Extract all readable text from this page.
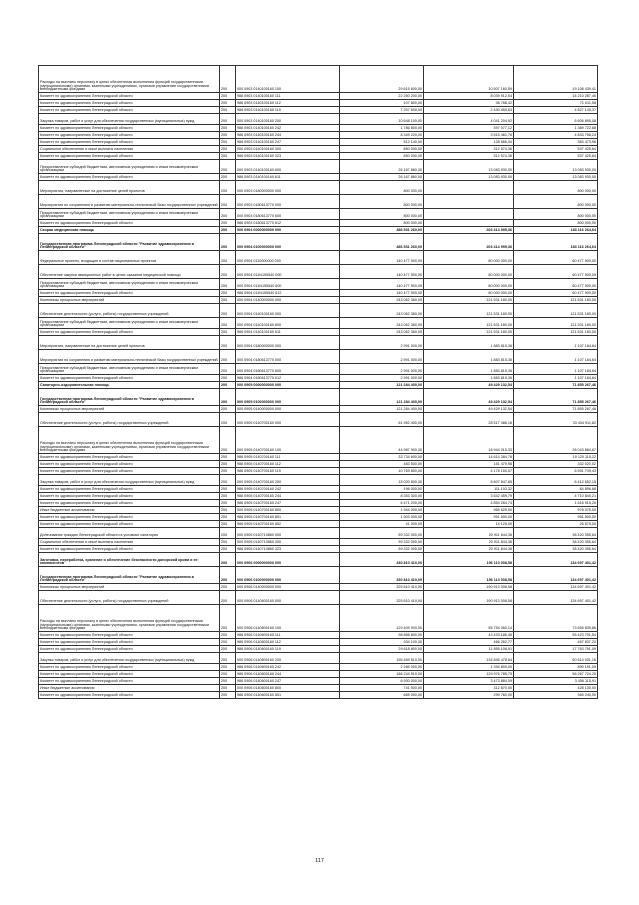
Расходы на выплаты персоналу в целях обеспечения выполнения функций государственными (муниципальными) органами, казенными учреждениями, органами управления государственными внебюджетными фондами	200	000 0903 0140100160 100	29 615 600,00	10 507 160,59	19 108 439,41
Комитет по здравоохранению Ленинградской области	200	986 0903 0140100160 111	22 250 200,00	8 039 912,54	14 210 287,46
Комитет по здравоохранению Ленинградской области	200	986 0903 0140100160 112	107 800,00	36 788,42	71 011,58
Комитет по здравоохранению Ленинградской области	200	986 0903 0140100160 119	7 257 600,00	2 430 459,63	4 827 140,37
Закупка товаров, работ и услуг для обеспечения государственных (муниципальных) нужд	200	000 0903 0140100160 200	10 648 100,00	4 041 204,92	6 606 895,08
Комитет по здравоохранению Ленинградской области	200	986 0903 0140100160 242	1 786 800,00	397 077,12	1 389 722,88
Комитет по здравоохранению Ленинградской области	200	986 0903 0140100160 244	8 349 220,00	3 515 461,76	4 833 758,24
Комитет по здравоохранению Ленинградской области	200	986 0903 0140100160 247	512 140,00	128 666,04	383 473,96
Социальное обеспечение и иные выплаты населению	200	000 0903 0140100160 300	850 000,00	312 574,36	537 425,64
Комитет по здравоохранению Ленинградской области	200	986 0903 0140100160 323	850 000,00	312 574,36	537 425,64
Предоставление субсидий бюджетным, автономным учреждениям и иным некоммерческим организациям	200	000 0903 0140100160 600	26 167 860,00	13 083 930,00	13 083 930,00
Комитет по здравоохранению Ленинградской области	200	986 0903 0140100160 611	26 167 860,00	13 083 930,00	13 083 930,00
Мероприятия, направленные на достижение целей проектов	200	000 0903 0180000000 000	800 000,00		800 000,00
Мероприятия по сохранению и развитию материально-технической базы государственных учреждений	200	000 0903 0180613770 000	800 000,00		800 000,00
Предоставление субсидий бюджетным, автономным учреждениям и иным некоммерческим организациям	200	000 0903 0180613770 600	800 000,00		800 000,00
Комитет по здравоохранению Ленинградской области	200	986 0903 0180613770 612	800 000,00		800 000,00
Скорая медицинская помощь	200	000 0904 0000000000 000	386 531 260,00	203 414 995,36	183 116 264,64
Государственная программа Ленинградской области "Развитие здравоохранения в Ленинградской области"	200	000 0904 0100000000 000	386 531 260,00	203 414 995,36	183 116 264,64
Федеральные проекты, входящие в состав национальных проектов	200	000 0904 0110000000 000	140 477 900,00	80 000 000,00	60 477 900,00
Обеспечение закупки авиационных работ в целях оказания медицинской помощи	200	000 0904 011N155540 000	140 477 900,00	80 000 000,00	60 477 900,00
Предоставление субсидий бюджетным, автономным учреждениям и иным некоммерческим организациям	200	000 0904 011N155540 600	140 477 900,00	80 000 000,00	60 477 900,00
Комитет по здравоохранению Ленинградской области	200	986 0904 011N155540 612	140 477 900,00	80 000 000,00	60 477 900,00
Комплексы процессных мероприятий	200	000 0904 0140000000 000	243 062 360,00	121 531 180,00	121 531 180,00
Обеспечение деятельности (услуги, работы) государственных учреждений	200	000 0904 0140100160 000	243 062 360,00	121 531 180,00	121 531 180,00
Предоставление субсидий бюджетным, автономным учреждениям и иным некоммерческим организациям	200	000 0904 0140100160 600	243 062 360,00	121 531 180,00	121 531 180,00
Комитет по здравоохранению Ленинградской области	200	986 0904 0140100160 611	243 062 360,00	121 531 180,00	121 531 180,00
Мероприятия, направленные на достижение целей проектов	200	000 0904 0180000000 000	2 991 000,00	1 883 815,36	1 107 184,64
Мероприятия по сохранению и развитию материально-технической базы государственных учреждений	200	000 0904 0180613770 000	2 991 000,00	1 883 815,36	1 107 184,64
Предоставление субсидий бюджетным, автономным учреждениям и иным некоммерческим организациям	200	000 0904 0180613770 600	2 991 000,00	1 883 815,36	1 107 184,64
Комитет по здравоохранению Ленинградской области	200	986 0904 0180613770 612	2 991 000,00	1 883 815,36	1 107 184,64
Санаторно-оздоровительная помощь	200	000 0905 0000000000 000	121 284 400,00	49 429 132,54	71 855 267,46
Государственная программа Ленинградской области "Развитие здравоохранения в Ленинградской области"	200	000 0905 0100000000 000	121 284 400,00	49 429 132,54	71 855 267,46
Комплексы процессных мероприятий	200	000 0905 0140000000 000	121 284 400,00	49 429 132,54	71 855 267,46
Обеспечение деятельности (услуги, работы) государственных учреждений	200	000 0905 0140700160 000	61 952 400,00	28 517 488,18	33 434 911,82
Расходы на выплаты персоналу в целях обеспечения выполнения функций государственными (муниципальными) органами, казенными учреждениями, органами управления государственными внебюджетными фондами	200	000 0905 0140700160 100	44 987 900,00	18 944 015,33	26 043 884,67
Комитет по здравоохранению Ленинградской области	200	986 0905 0140700160 111	33 734 600,00	14 614 384,78	19 120 115,22
Комитет по здравоохранению Ленинградской области	200	986 0905 0140700160 112	483 500,00	151 479,98	332 020,02
Комитет по здравоохранению Ленинградской области	200	986 0905 0140700160 119	10 769 800,00	4 178 150,57	6 591 749,43
Закупка товаров, работ и услуг для обеспечения государственных (муниципальных) нужд	200	000 0905 0140700160 200	15 020 500,00	8 607 847,85	6 412 652,15
Комитет по здравоохранению Ленинградской области	200	986 0905 0140700160 242	196 000,00	111 103,32	84 896,68
Комитет по здравоохранению Ленинградской области	200	986 0905 0140700160 244	8 353 300,00	3 642 459,79	4 710 840,21
Комитет по здравоохранению Ленинградской области	200	986 0905 0140700160 247	6 471 200,00	4 854 284,74	1 616 915,26
Иные бюджетные ассигнования	200	000 0905 0140700160 800	1 944 000,00	965 625,00	978 375,00
Комитет по здравоохранению Ленинградской области	200	986 0905 0140700160 851	1 903 000,00	951 500,00	951 500,00
Комитет по здравоохранению Ленинградской области	200	986 0905 0140700160 852	41 000,00	14 125,00	26 875,00
Долечивание граждан Ленинградской области в условиях санатория	200	000 0905 0140710860 000	59 332 000,00	20 911 644,36	38 420 355,64
Социальное обеспечение и иные выплаты населению	200	000 0905 0140710860 300	59 332 000,00	20 911 644,36	38 420 355,64
Комитет по здравоохранению Ленинградской области	200	986 0905 0140710860 323	59 332 000,00	20 911 644,36	38 420 355,64
Заготовка, переработка, хранение и обеспечение безопасности донорской крови и ее компонентов	200	000 0906 0000000000 000	330 810 410,00	196 113 008,58	134 697 401,42
Государственная программа Ленинградской области "Развитие здравоохранения в Ленинградской области"	200	000 0906 0100000000 000	330 810 410,00	196 113 008,58	134 697 401,42
Комплексы процессных мероприятий	200	000 0906 0140000000 000	325 610 410,00	190 913 008,58	134 697 401,42
Обеспечение деятельности (услуги, работы) государственных учреждений	200	000 0906 0140600160 000	325 610 410,00	190 913 008,58	134 697 401,42
Расходы на выплаты персоналу в целях обеспечения выполнения функций государственными (муниципальными) органами, казенными учреждениями, органами управления государственными внебюджетными фондами	200	000 0906 0140600160 100	129 409 900,00	55 754 060,14	73 655 839,86
Комитет по здравоохранению Ленинградской области	200	986 0906 0140600160 111	98 856 800,00	43 433 186,46	55 423 701,54
Комитет по здравоохранению Ленинградской области	200	986 0906 0140600160 112	934 100,00	466 262,77	467 837,23
Комитет по здравоохранению Ленинградской области	200	986 0906 0140600160 119	29 618 800,00	11 855 108,91	17 763 791,09
Закупка товаров, работ и услуг для обеспечения государственных (муниципальных) нужд	200	000 0906 0140600160 200	195 459 510,00	134 845 478,84	60 614 031,16
Комитет по здравоохранению Ленинградской области	200	986 0906 0140600160 242	2 285 000,00	1 394 809,00	890 191,00
Комитет по здравоохранению Ленинградской области	200	986 0906 0140600160 244	186 244 510,00	129 976 785,75	56 267 724,25
Комитет по здравоохранению Ленинградской области	200	986 0906 0140600160 247	6 930 000,00	3 473 884,09	3 456 115,91
Иные бюджетные ассигнования	200	000 0906 0140600160 800	741 000,00	312 870,00	428 130,00
Комитет по здравоохранению Ленинградской области	200	986 0906 0140600160 851	665 000,00	299 760,00	365 240,00
117
